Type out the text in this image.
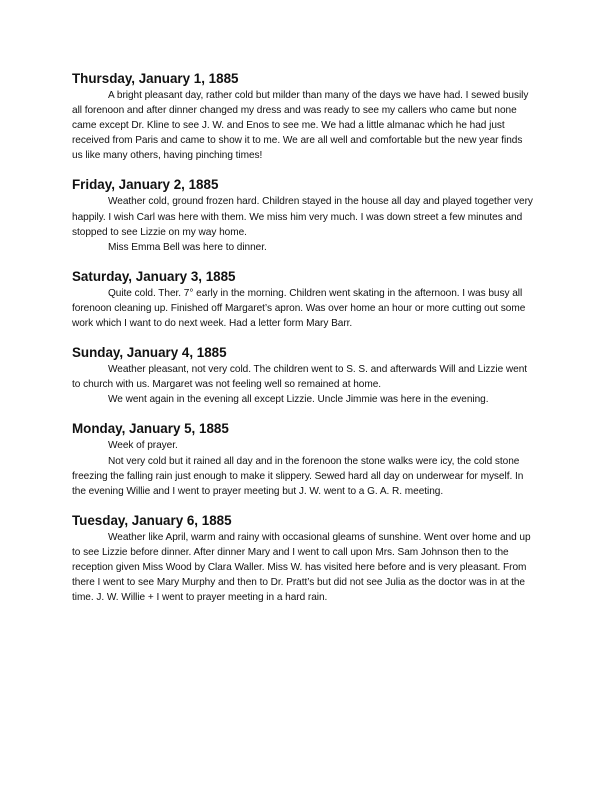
Thursday, January 1, 1885

A bright pleasant day, rather cold but milder than many of the days we have had. I sewed busily all forenoon and after dinner changed my dress and was ready to see my callers who came but none came except Dr. Kline to see J. W. and Enos to see me. We had a little almanac which he had just received from Paris and came to show it to me. We are all well and comfortable but the new year finds us like many others, having pinching times!

Friday, January 2, 1885

Weather cold, ground frozen hard. Children stayed in the house all day and played together very happily. I wish Carl was here with them. We miss him very much. I was down street a few minutes and stopped to see Lizzie on my way home.

Miss Emma Bell was here to dinner.

Saturday, January 3, 1885

Quite cold. Ther. 7° early in the morning. Children went skating in the afternoon. I was busy all forenoon cleaning up. Finished off Margaret’s apron. Was over home an hour or more cutting out some work which I want to do next week. Had a letter form Mary Barr.

Sunday, January 4, 1885

Weather pleasant, not very cold. The children went to S. S. and afterwards Will and Lizzie went to church with us. Margaret was not feeling well so remained at home.

We went again in the evening all except Lizzie. Uncle Jimmie was here in the evening.

Monday, January 5, 1885

Week of prayer.

Not very cold but it rained all day and in the forenoon the stone walks were icy, the cold stone freezing the falling rain just enough to make it slippery. Sewed hard all day on underwear for myself. In the evening Willie and I went to prayer meeting but J. W. went to a G. A. R. meeting.

Tuesday, January 6, 1885

Weather like April, warm and rainy with occasional gleams of sunshine. Went over home and up to see Lizzie before dinner. After dinner Mary and I went to call upon Mrs. Sam Johnson then to the reception given Miss Wood by Clara Waller. Miss W. has visited here before and is very pleasant. From there I went to see Mary Murphy and then to Dr. Pratt’s but did not see Julia as the doctor was in at the time. J. W. Willie + I went to prayer meeting in a hard rain.
